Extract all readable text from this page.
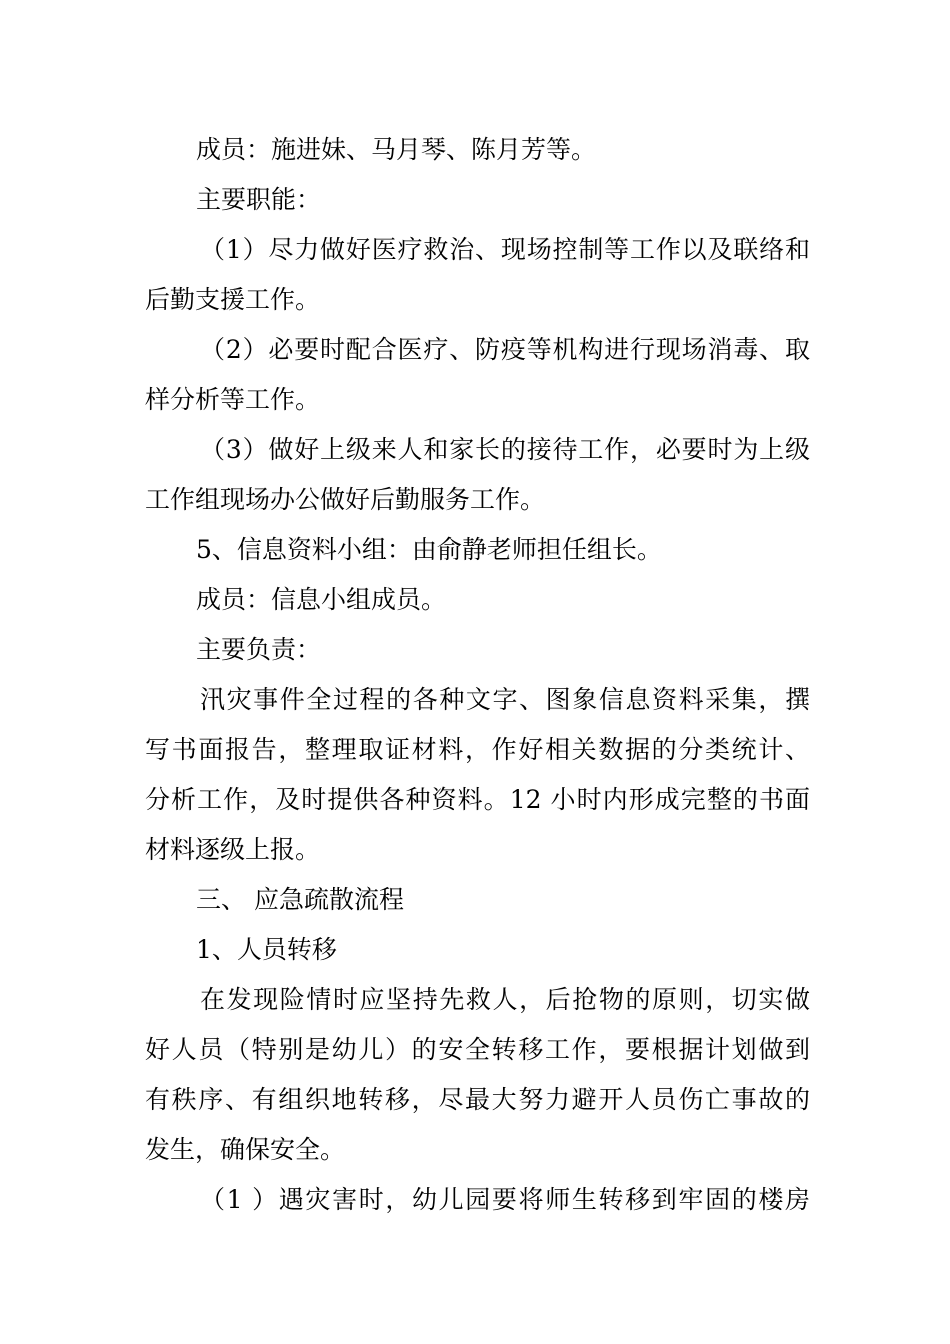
成员：施进妹、马月琴、陈月芳等。
主要职能：
（1）尽力做好医疗救治、现场控制等工作以及联络和
后勤支援工作。
（2）必要时配合医疗、防疫等机构进行现场消毒、取
样分析等工作。
（3）做好上级来人和家长的接待工作，必要时为上级
工作组现场办公做好后勤服务工作。
5、信息资料小组：由俞静老师担任组长。
成员：信息小组成员。
主要负责：
汛灾事件全过程的各种文字、图象信息资料采集，撰
写书面报告，整理取证材料，作好相关数据的分类统计、
分析工作，及时提供各种资料。12 小时内形成完整的书面
材料逐级上报。
三、 应急疏散流程
1、人员转移
在发现险情时应坚持先救人，后抢物的原则，切实做
好人员（特别是幼儿）的安全转移工作，要根据计划做到
有秩序、有组织地转移，尽最大努力避开人员伤亡事故的
发生，确保安全。
（1 ）遇灾害时，幼儿园要将师生转移到牢固的楼房
